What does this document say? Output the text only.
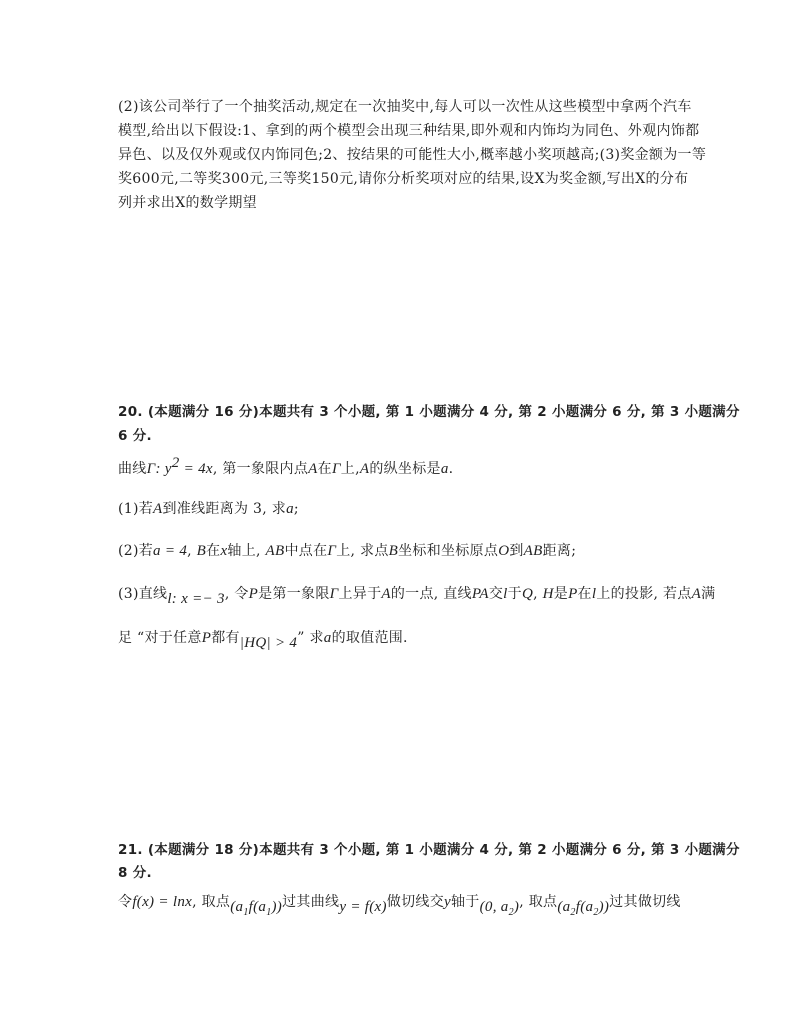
(2)该公司举行了一个抽奖活动,规定在一次抽奖中,每人可以一次性从这些模型中拿两个汽车
模型,给出以下假设:1、拿到的两个模型会出现三种结果,即外观和内饰均为同色、外观内饰都
异色、以及仅外观或仅内饰同色;2、按结果的可能性大小,概率越小奖项越高;(3)奖金额为一等
奖600元,二等奖300元,三等奖150元,请你分析奖项对应的结果,设X为奖金额,写出X的分布
列并求出X的数学期望
20. (本题满分 16 分)本题共有 3 个小题, 第 1 小题满分 4 分, 第 2 小题满分 6 分, 第 3 小题满分
6 分.
曲线Γ: $y^2 = 4x$, 第一象限内点A在Γ上,A的纵坐标是a.
(1)若A到准线距离为 3, 求a;
(2)若a = 4, B在x轴上, AB中点在Γ上, 求点B坐标和坐标原点O到AB距离;
(3)直线l: x =− 3, 令P是第一象限Γ上异于A的一点, 直线PA交l于Q, H是P在l上的投影, 若点A满
足 “对于任意P都有|HQ| > 4” 求a的取值范围.
21. (本题满分 18 分)本题共有 3 个小题, 第 1 小题满分 4 分, 第 2 小题满分 6 分, 第 3 小题满分
8 分.
令f(x) = lnx, 取点$(a_1f(a_1))$过其曲线y = f(x)做切线交y轴于(0, $a_2$), 取点$(a_2f(a_2))$过其做切线
